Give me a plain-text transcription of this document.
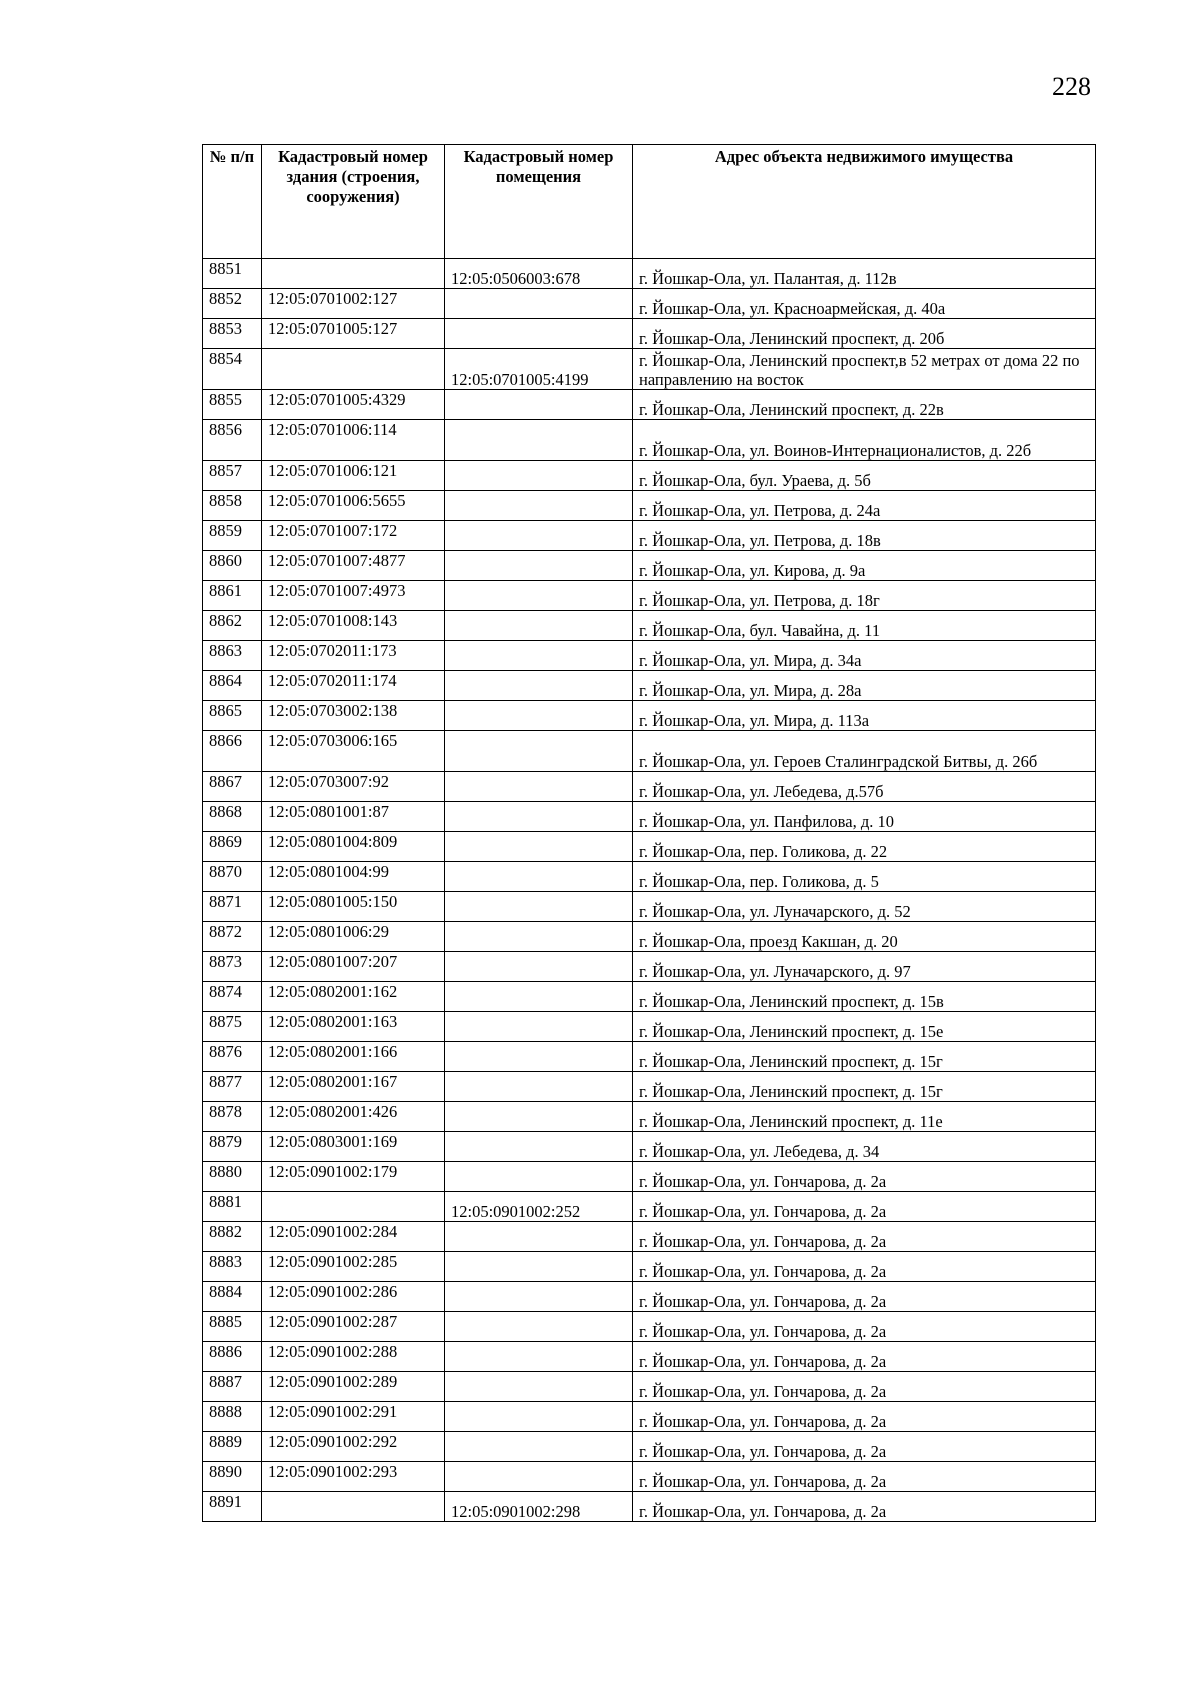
228
№ п/п	Кадастровый номер здания (строения, сооружения)	Кадастровый номер помещения	Адрес объекта недвижимого имущества
8851		12:05:0506003:678	г. Йошкар-Ола, ул. Палантая, д. 112в
8852	12:05:0701002:127		г. Йошкар-Ола, ул. Красноармейская, д. 40а
8853	12:05:0701005:127		г. Йошкар-Ола, Ленинский проспект, д. 20б
8854		12:05:0701005:4199	г. Йошкар-Ола, Ленинский проспект,в 52 метрах от дома 22 по направлению на восток
8855	12:05:0701005:4329		г. Йошкар-Ола, Ленинский проспект, д. 22в
8856	12:05:0701006:114		г. Йошкар-Ола, ул. Воинов-Интернационалистов, д. 22б
8857	12:05:0701006:121		г. Йошкар-Ола, бул. Ураева, д. 5б
8858	12:05:0701006:5655		г. Йошкар-Ола, ул. Петрова, д. 24а
8859	12:05:0701007:172		г. Йошкар-Ола, ул. Петрова, д. 18в
8860	12:05:0701007:4877		г. Йошкар-Ола, ул. Кирова, д. 9а
8861	12:05:0701007:4973		г. Йошкар-Ола, ул. Петрова, д. 18г
8862	12:05:0701008:143		г. Йошкар-Ола, бул. Чавайна, д. 11
8863	12:05:0702011:173		г. Йошкар-Ола, ул. Мира, д. 34а
8864	12:05:0702011:174		г. Йошкар-Ола, ул. Мира, д. 28а
8865	12:05:0703002:138		г. Йошкар-Ола, ул. Мира, д. 113а
8866	12:05:0703006:165		г. Йошкар-Ола, ул. Героев Сталинградской Битвы, д. 26б
8867	12:05:0703007:92		г. Йошкар-Ола, ул. Лебедева, д.57б
8868	12:05:0801001:87		г. Йошкар-Ола, ул. Панфилова, д. 10
8869	12:05:0801004:809		г. Йошкар-Ола, пер. Голикова, д. 22
8870	12:05:0801004:99		г. Йошкар-Ола, пер. Голикова, д. 5
8871	12:05:0801005:150		г. Йошкар-Ола, ул. Луначарского, д. 52
8872	12:05:0801006:29		г. Йошкар-Ола, проезд Какшан, д. 20
8873	12:05:0801007:207		г. Йошкар-Ола, ул. Луначарского, д. 97
8874	12:05:0802001:162		г. Йошкар-Ола, Ленинский проспект, д. 15в
8875	12:05:0802001:163		г. Йошкар-Ола, Ленинский проспект, д. 15е
8876	12:05:0802001:166		г. Йошкар-Ола, Ленинский проспект, д. 15г
8877	12:05:0802001:167		г. Йошкар-Ола, Ленинский проспект, д. 15г
8878	12:05:0802001:426		г. Йошкар-Ола, Ленинский проспект, д. 11е
8879	12:05:0803001:169		г. Йошкар-Ола, ул. Лебедева, д. 34
8880	12:05:0901002:179		г. Йошкар-Ола, ул. Гончарова, д. 2а
8881		12:05:0901002:252	г. Йошкар-Ола, ул. Гончарова, д. 2а
8882	12:05:0901002:284		г. Йошкар-Ола, ул. Гончарова, д. 2а
8883	12:05:0901002:285		г. Йошкар-Ола, ул. Гончарова, д. 2а
8884	12:05:0901002:286		г. Йошкар-Ола, ул. Гончарова, д. 2а
8885	12:05:0901002:287		г. Йошкар-Ола, ул. Гончарова, д. 2а
8886	12:05:0901002:288		г. Йошкар-Ола, ул. Гончарова, д. 2а
8887	12:05:0901002:289		г. Йошкар-Ола, ул. Гончарова, д. 2а
8888	12:05:0901002:291		г. Йошкар-Ола, ул. Гончарова, д. 2а
8889	12:05:0901002:292		г. Йошкар-Ола, ул. Гончарова, д. 2а
8890	12:05:0901002:293		г. Йошкар-Ола, ул. Гончарова, д. 2а
8891		12:05:0901002:298	г. Йошкар-Ола, ул. Гончарова, д. 2а
